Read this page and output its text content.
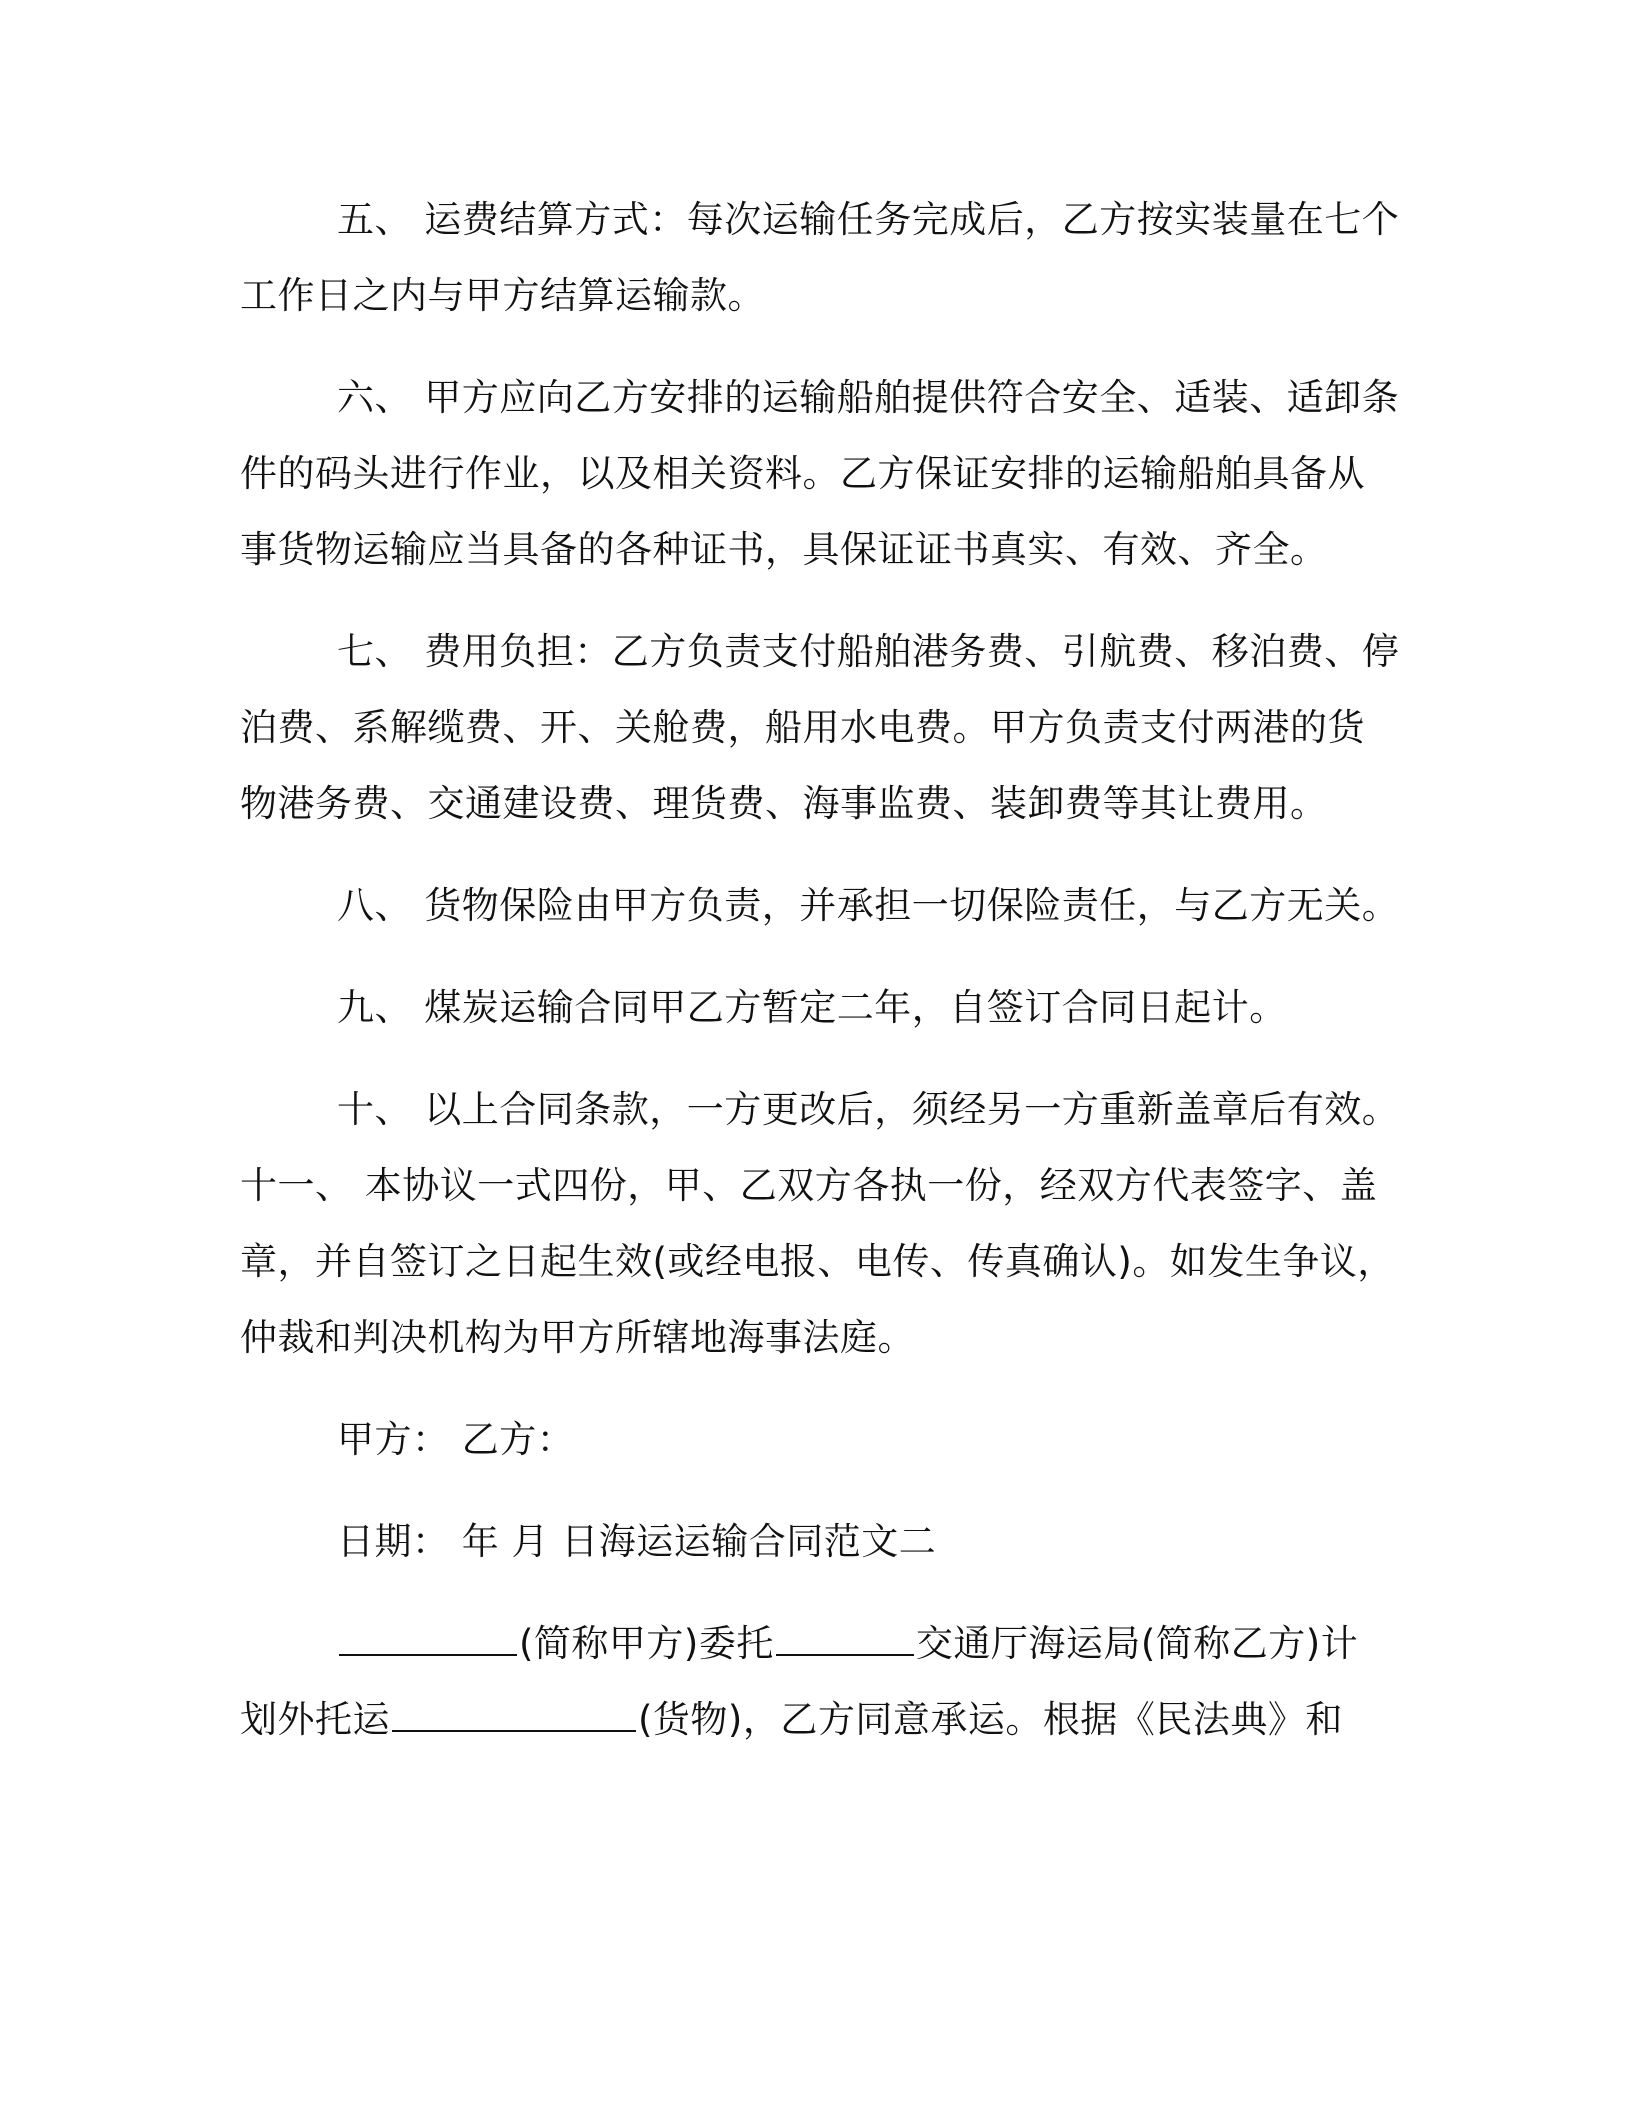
五、 运费结算方式：每次运输任务完成后，乙方按实装量在七个
工作日之内与甲方结算运输款。
六、 甲方应向乙方安排的运输船舶提供符合安全、适装、适卸条
件的码头进行作业，以及相关资料。乙方保证安排的运输船舶具备从
事货物运输应当具备的各种证书，具保证证书真实、有效、齐全。
七、 费用负担：乙方负责支付船舶港务费、引航费、移泊费、停
泊费、系解缆费、开、关舱费，船用水电费。甲方负责支付两港的货
物港务费、交通建设费、理货费、海事监费、装卸费等其让费用。
八、 货物保险由甲方负责，并承担一切保险责任，与乙方无关。
九、 煤炭运输合同甲乙方暂定二年，自签订合同日起计。
十、 以上合同条款，一方更改后，须经另一方重新盖章后有效。
十一、 本协议一式四份，甲、乙双方各执一份，经双方代表签字、盖
章，并自签订之日起生效(或经电报、电传、传真确认)。如发生争议，
仲裁和判决机构为甲方所辖地海事法庭。
甲方： 乙方：
日期： 年 月 日海运运输合同范文二
(简称甲方)委托	交通厅海运局(简称乙方)计
划外托运	(货物)，乙方同意承运。根据《民法典》和
